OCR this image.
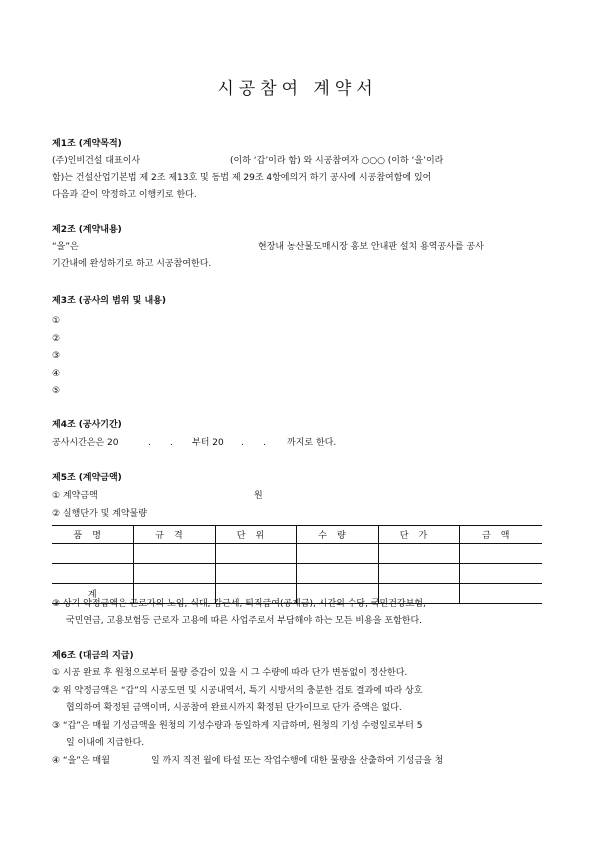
시공참여 계약서
제1조 (계약목적)
(주)인비건설 대표이사	(이하 ‘갑’이라 함) 와 시공참여자 ○○○ (이하 ‘을’이라
함)는 건설산업기본법 제 2조 제13호 및 동법 제 29조 4항에의거 하기 공사에 시공참여함에 있어
다음과 같이 약정하고 이행키로 한다.
제2조 (계약내용)
“을”은	현장내 농산물도매시장 홍보 안내판 설치 용역공사를 공사
기간내에 완성하기로 하고 시공참여한다.
제3조 (공사의 범위 및 내용)
①
②
③
④
⑤
제4조 (공사기간)
공사시간은은 20	. . 부터 20 . . 까지로 한다.
제5조 (계약금액)
① 계약금액	원
② 실행단가 및 계약물량
품명	규격	단위	수량	단가	금액

계					
③ 상기 약정금액은 근로자의 노임, 식대, 갑근세, 퇴직급여(공제금), 시간외 수당, 국민건강보험,
국민연금, 고용보험등 근로자 고용에 따른 사업주로서 부담해야 하는 모든 비용을 포함한다.
제6조 (대금의 지급)
① 시공 완료 후 원청으로부터 물량 증감이 있을 시 그 수량에 따라 단가 변동없이 정산한다.
② 위 약정금액은 “갑”의 시공도면 및 시공내역서, 특기 시방서의 충분한 검토 결과에 따라 상호
협의하여 확정된 금액이며, 시공참여 완료시까지 확정된 단가이므로 단가 증액은 없다.
③ “갑”은 매월 기성금액을 원청의 기성수량과 동일하게 지급하며, 원청의 기성 수령일로부터 5
일 이내에 지급한다.
④ “을”은 매월	일 까지 직전 월에 타설 또는 작업수행에 대한 물량을 산출하여 기성금을 청
